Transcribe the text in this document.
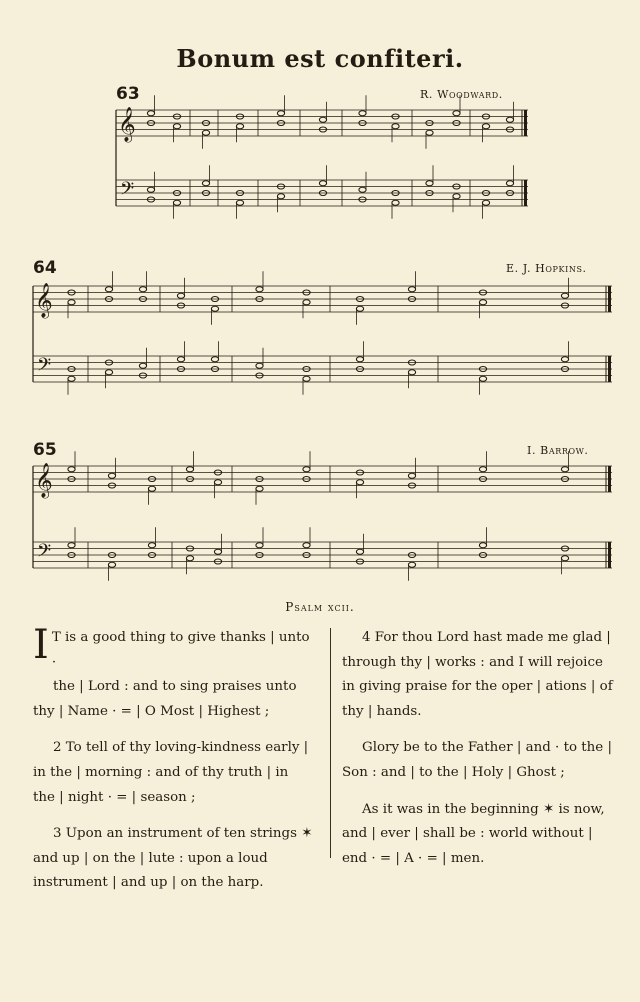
Bonum est confiteri.
63	R. Woodward.
64	E. J. Hopkins.
65	I. Barrow.
𝄞
𝄢
𝄞
𝄢
𝄞
𝄢
Psalm xcii.

I T is a good thing to give thanks | unto ·
the | Lord : and to sing praises unto
thy | Name · = | O Most | Highest ;

2 To tell of thy loving-kindness early |
in the | morning : and of thy truth | in
the | night · = | season ;

3 Upon an instrument of ten strings ✶
and up | on the | lute : upon a loud
instrument | and up | on the harp.

4 For thou Lord hast made me glad |
through thy | works : and I will rejoice
in giving praise for the oper | ations | of
thy | hands.

Glory be to the Father | and · to the |
Son : and | to the | Holy | Ghost ;

As it was in the beginning ✶ is now,
and | ever | shall be : world without |
end · = | A · = | men.
